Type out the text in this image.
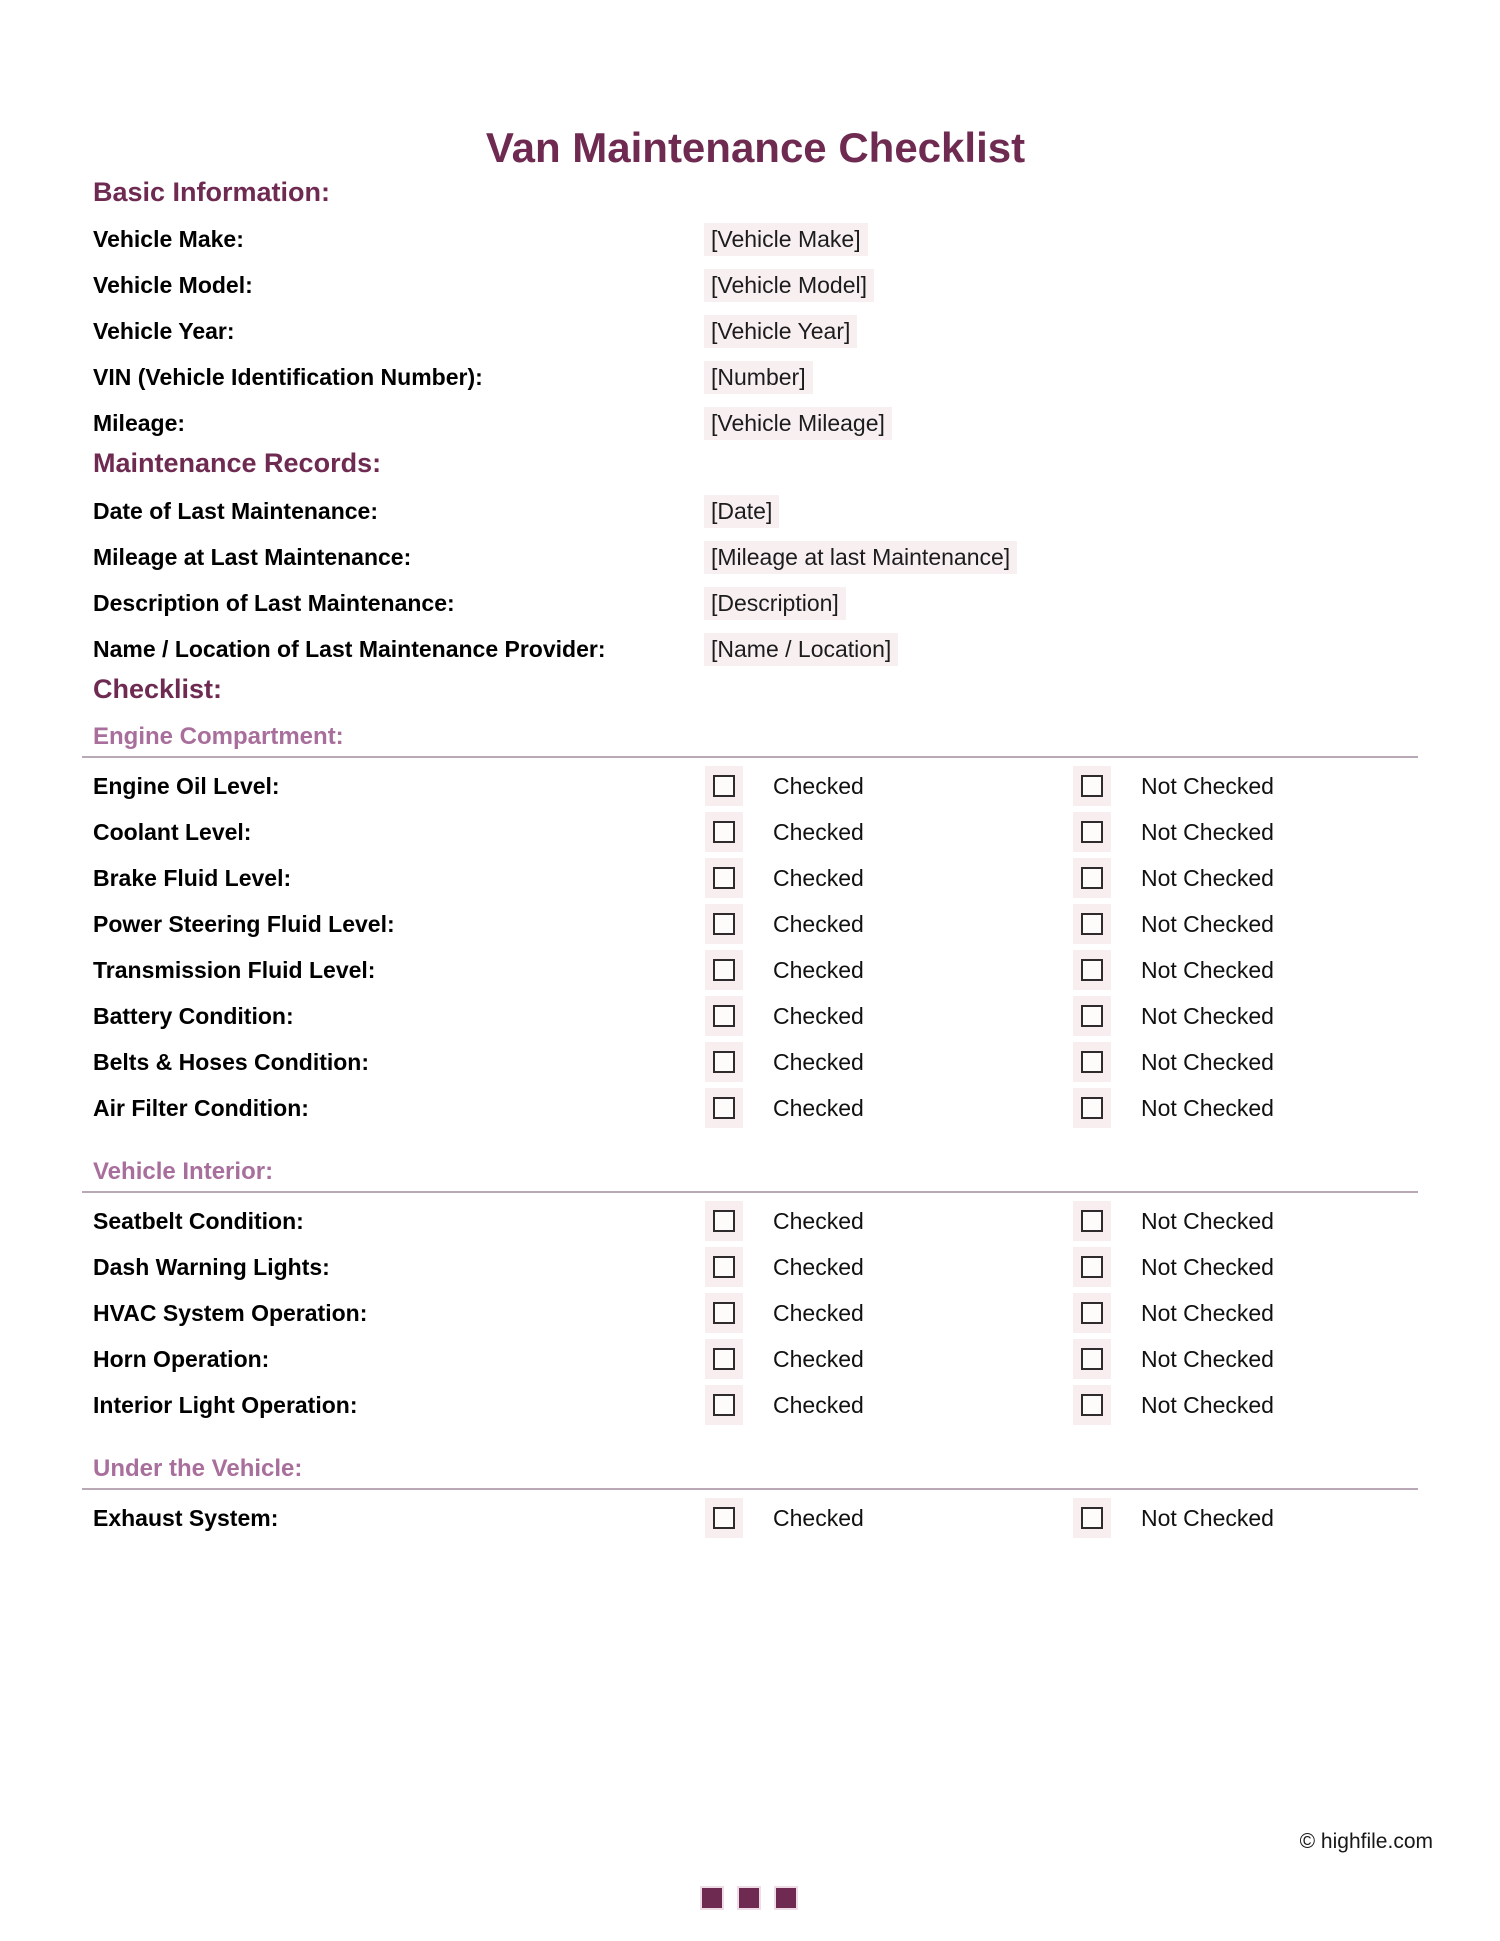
Van Maintenance Checklist
Basic Information:
Vehicle Make:	[Vehicle Make]
Vehicle Model:	[Vehicle Model]
Vehicle Year:	[Vehicle Year]
VIN (Vehicle Identification Number):	[Number]
Mileage:	[Vehicle Mileage]
Maintenance Records:
Date of Last Maintenance:	[Date]
Mileage at Last Maintenance:	[Mileage at last Maintenance]
Description of Last Maintenance:	[Description]
Name / Location of Last Maintenance Provider:	[Name / Location]
Checklist:
Engine Compartment:
Engine Oil Level:	Checked	Not Checked
Coolant Level:	Checked	Not Checked
Brake Fluid Level:	Checked	Not Checked
Power Steering Fluid Level:	Checked	Not Checked
Transmission Fluid Level:	Checked	Not Checked
Battery Condition:	Checked	Not Checked
Belts & Hoses Condition:	Checked	Not Checked
Air Filter Condition:	Checked	Not Checked
Vehicle Interior:
Seatbelt Condition:	Checked	Not Checked
Dash Warning Lights:	Checked	Not Checked
HVAC System Operation:	Checked	Not Checked
Horn Operation:	Checked	Not Checked
Interior Light Operation:	Checked	Not Checked
Under the Vehicle:
Exhaust System:	Checked	Not Checked
© highfile.com
